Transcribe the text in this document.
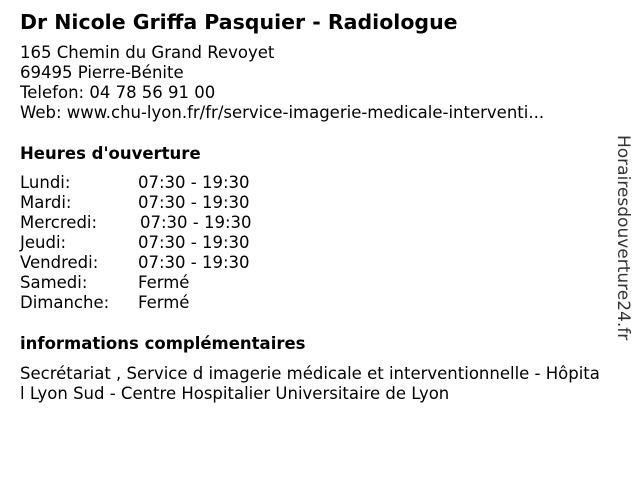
Dr Nicole Griffa Pasquier - Radiologue
165 Chemin du Grand Revoyet
69495 Pierre-Bénite
Telefon: 04 78 56 91 00
Web: www.chu-lyon.fr/fr/service-imagerie-medicale-interventi...
Heures d'ouverture
Lundi:	07:30 - 19:30
Mardi:	07:30 - 19:30
Mercredi:	07:30 - 19:30
Jeudi:	07:30 - 19:30
Vendredi: 07:30 - 19:30
Samedi:	Fermé
Dimanche: Fermé
informations complémentaires
Secrétariat , Service d imagerie médicale et interventionnelle - Hôpital Lyon Sud - Centre Hospitalier Universitaire de Lyon
Horairesdouverture24.fr
